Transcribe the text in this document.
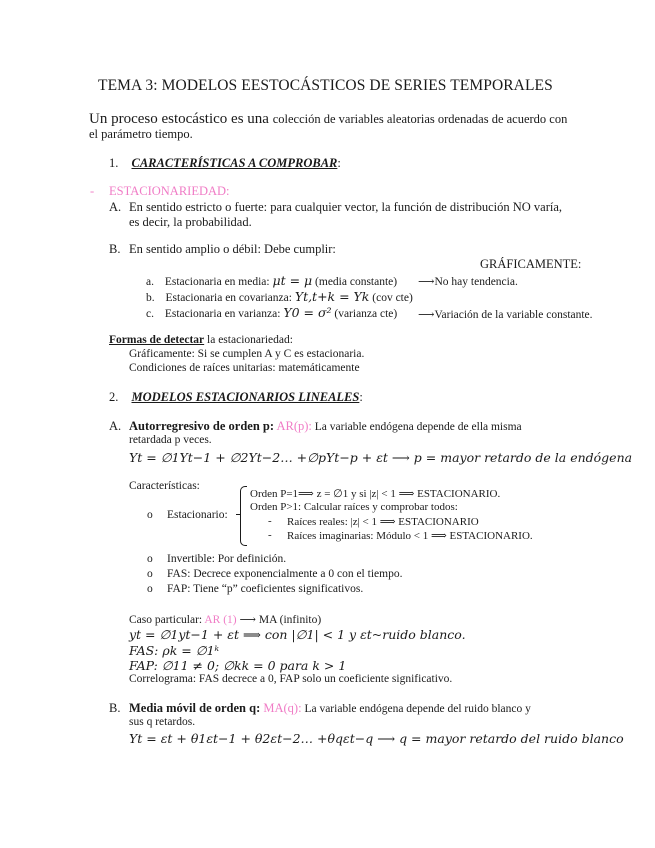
TEMA 3: MODELOS EESTOCÁSTICOS DE SERIES TEMPORALES
Un proceso estocástico es una colección de variables aleatorias ordenadas de acuerdo con
el parámetro tiempo.
1. CARACTERÍSTICAS A COMPROBAR:
- ESTACIONARIEDAD:
A. En sentido estricto o fuerte: para cualquier vector, la función de distribución NO varía,
es decir, la probabilidad.
B. En sentido amplio o débil: Debe cumplir:
GRÁFICAMENTE:
a. Estacionaria en media: μt = μ (media constante) ⟶No hay tendencia.
b. Estacionaria en covarianza: Yt,t+k = Yk (cov cte)
c. Estacionaria en varianza: Y0 = σ² (varianza cte) ⟶Variación de la variable constante.
Formas de detectar la estacionariedad:
Gráficamente: Si se cumplen A y C es estacionaria.
Condiciones de raíces unitarias: matemáticamente
2. MODELOS ESTACIONARIOS LINEALES:
A. Autorregresivo de orden p: AR(p): La variable endógena depende de ella misma
retardada p veces.
Yt = ∅1Yt−1 + ∅2Yt−2… +∅pYt−p + εt ⟶ p = mayor retardo de la endógena
Características:
o Estacionario:
Orden P=1⟹ z = ∅1 y si |z| < 1 ⟹ ESTACIONARIO.
Orden P>1: Calcular raíces y comprobar todos:
- Raíces reales: |z| < 1 ⟹ ESTACIONARIO
- Raíces imaginarias: Módulo < 1 ⟹ ESTACIONARIO.
o Invertible: Por definición.
o FAS: Decrece exponencialmente a 0 con el tiempo.
o FAP: Tiene “p” coeficientes significativos.
Caso particular: AR (1) ⟶ MA (infinito)
yt = ∅1yt−1 + εt ⟹ con |∅1| < 1 y εt~ruido blanco.
FAS: ρk = ∅1ᵏ
FAP: ∅11 ≠ 0; ∅kk = 0 para k > 1
Correlograma: FAS decrece a 0, FAP solo un coeficiente significativo.
B. Media móvil de orden q: MA(q): La variable endógena depende del ruido blanco y
sus q retardos.
Yt = εt + θ1εt−1 + θ2εt−2… +θqεt−q ⟶ q = mayor retardo del ruido blanco
